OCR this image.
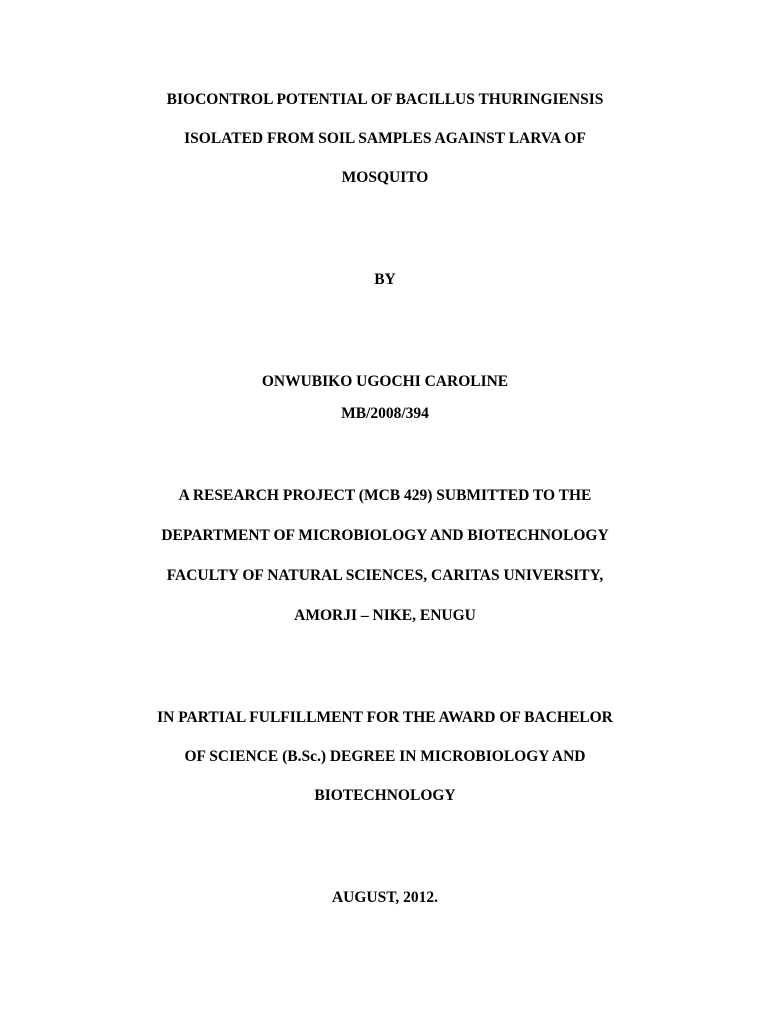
BIOCONTROL POTENTIAL OF BACILLUS THURINGIENSIS
ISOLATED FROM SOIL SAMPLES AGAINST LARVA OF
MOSQUITO
BY
ONWUBIKO UGOCHI CAROLINE
MB/2008/394
A RESEARCH PROJECT (MCB 429) SUBMITTED TO THE
DEPARTMENT OF MICROBIOLOGY AND BIOTECHNOLOGY
FACULTY OF NATURAL SCIENCES, CARITAS UNIVERSITY,
AMORJI – NIKE, ENUGU
IN PARTIAL FULFILLMENT FOR THE AWARD OF BACHELOR
OF SCIENCE (B.Sc.) DEGREE IN MICROBIOLOGY AND
BIOTECHNOLOGY
AUGUST, 2012.
